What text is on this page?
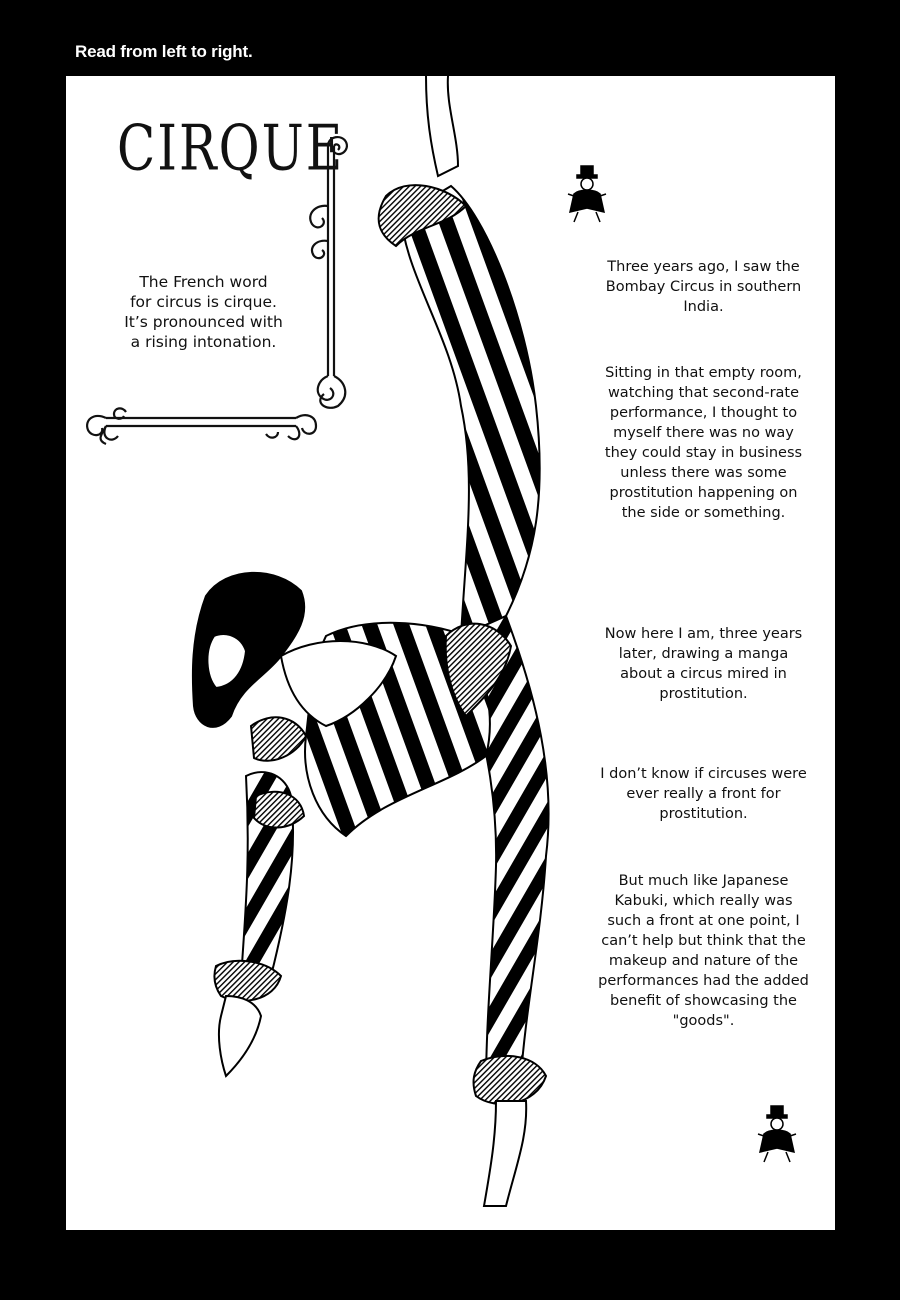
Read from left to right.
CIRQUE
The French word
for circus is cirque.
It’s pronounced with
a rising intonation.
Three years ago, I saw the Bombay Circus in southern India.
Sitting in that empty room, watching that second-rate performance, I thought to myself there was no way they could stay in business unless there was some prostitution happening on the side or something.
Now here I am, three years later, drawing a manga about a circus mired in prostitution.
I don’t know if circuses were ever really a front for prostitution.
But much like Japanese Kabuki, which really was such a front at one point, I can’t help but think that the makeup and nature of the performances had the added benefit of showcasing the "goods".
